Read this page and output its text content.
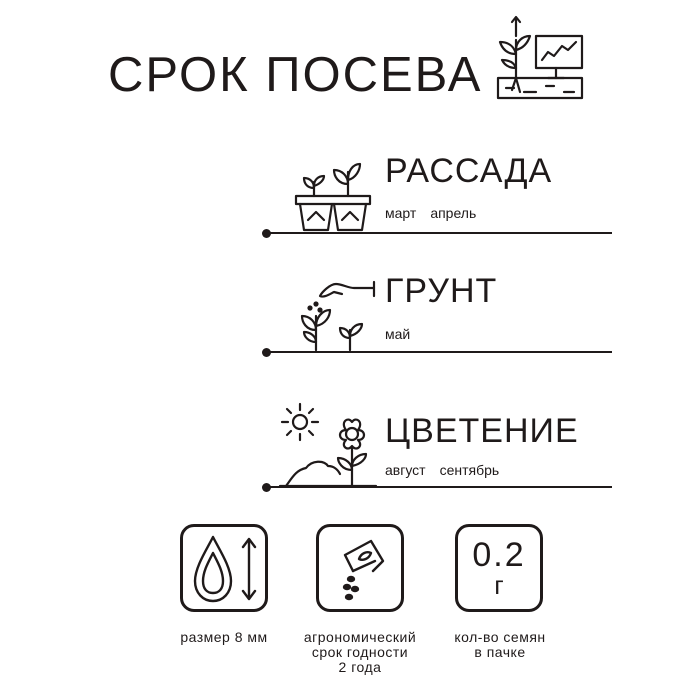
СРОК ПОСЕВА
РАССАДА
март апрель
ГРУНТ
май
ЦВЕТЕНИЕ
август сентябрь
размер 8 мм	агрономический
срок годности
2 года
0.2
г
кол-во семян
в пачке
